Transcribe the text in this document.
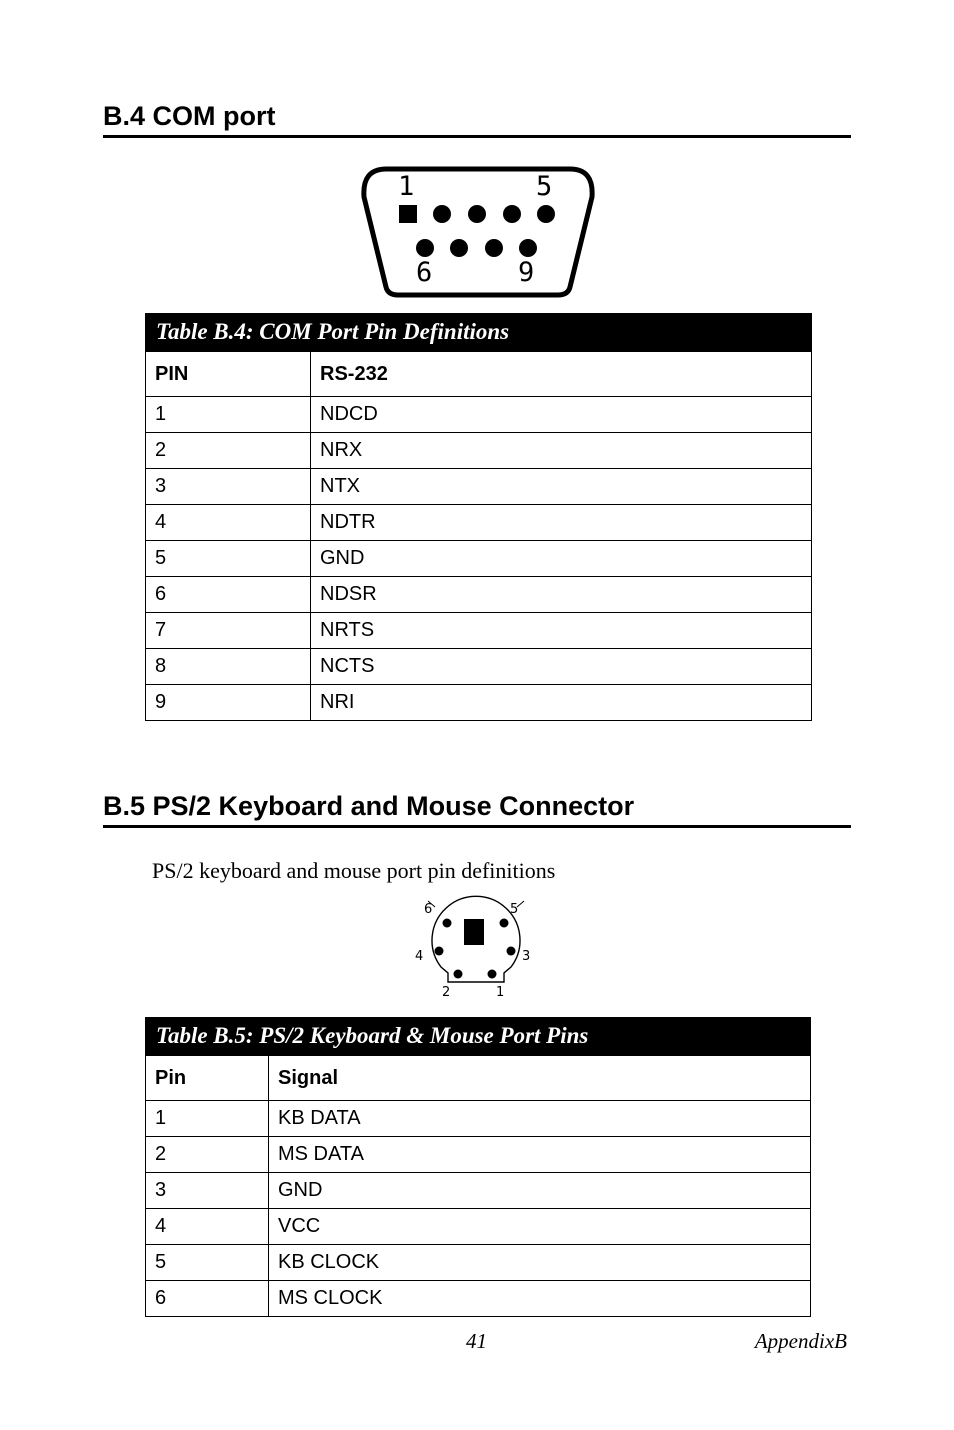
B.4 COM port
1	5
6	9
Table B.4: COM Port Pin Definitions
PIN	RS-232
1	NDCD
2	NRX
3	NTX
4	NDTR
5	GND
6	NDSR
7	NRTS
8	NCTS
9	NRI
B.5 PS/2 Keyboard and Mouse Connector

PS/2 keyboard and mouse port pin definitions

6	5
4	3
2	1
Table B.5: PS/2 Keyboard & Mouse Port Pins
Pin	Signal
1	KB DATA
2	MS DATA
3	GND
4	VCC
5	KB CLOCK
6	MS CLOCK

41	AppendixB
